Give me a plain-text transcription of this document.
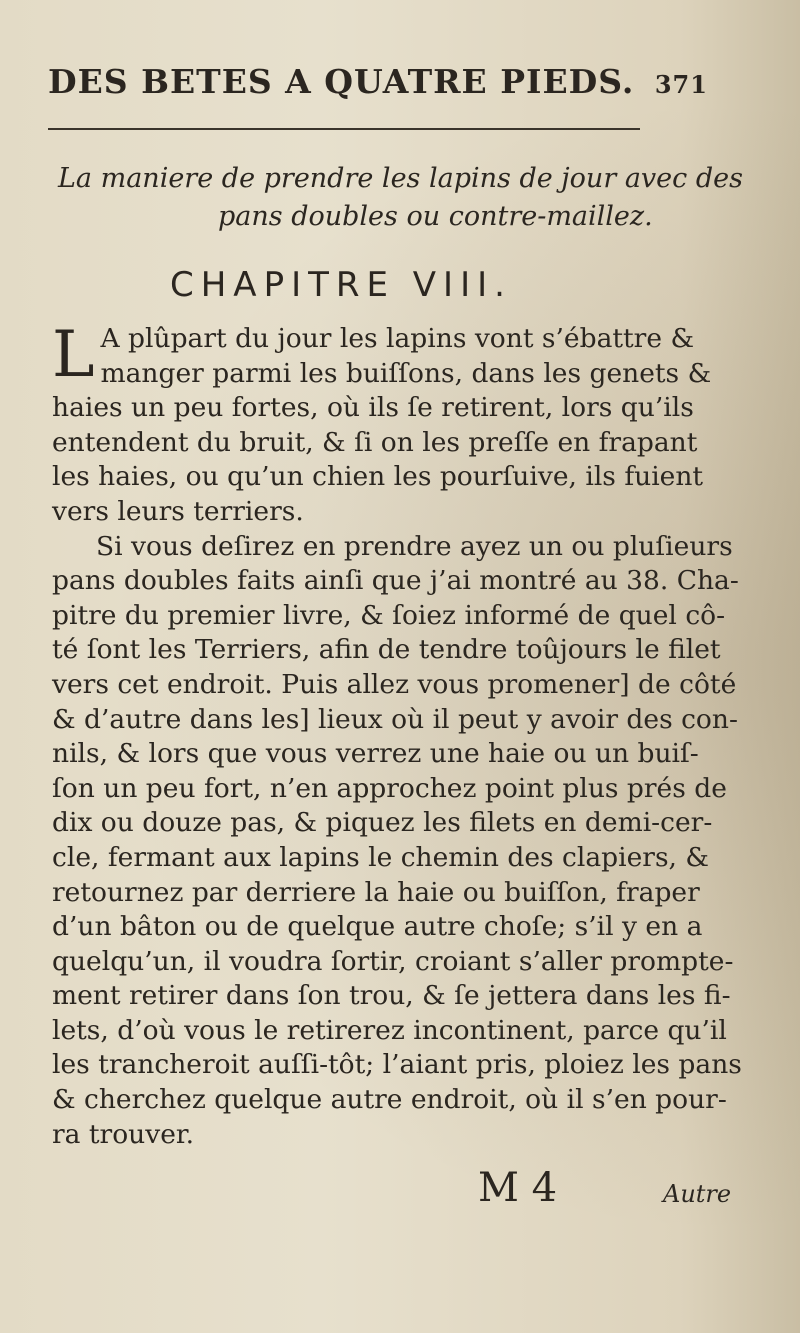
DES BETES A QUATRE PIEDS. 371
La maniere de prendre les lapins de jour avec des
pans doubles ou contre-maillez.
CHAPITRE VIII.
L A plûpart du jour les lapins vont s’ébattre &
manger parmi les buiſſons, dans les genets &
haies un peu fortes, où ils ſe retirent, lors qu’ils
entendent du bruit, & ſi on les preſſe en frapant
les haies, ou qu’un chien les pourſuive, ils fuient
vers leurs terriers.
Si vous deſirez en prendre ayez un ou pluſieurs
pans doubles faits ainſi que j’ai montré au 38. Cha-
pitre du premier livre, & ſoiez informé de quel cô-
té ſont les Terriers, afin de tendre toûjours le filet
vers cet endroit. Puis allez vous promener] de côté
& d’autre dans les] lieux où il peut y avoir des con-
nils, & lors que vous verrez une haie ou un buiſ-
ſon un peu fort, n’en approchez point plus prés de
dix ou douze pas, & piquez les filets en demi-cer-
cle, fermant aux lapins le chemin des clapiers, &
retournez par derriere la haie ou buiſſon, fraper
d’un bâton ou de quelque autre choſe; s’il y en a
quelqu’un, il voudra ſortir, croiant s’aller prompte-
ment retirer dans ſon trou, & ſe jettera dans les fi-
lets, d’où vous le retirerez incontinent, parce qu’il
les trancheroit auſſi-tôt; l’aiant pris, ploiez les pans
& cherchez quelque autre endroit, où il s’en pour-
ra trouver.
M 4	Autre
